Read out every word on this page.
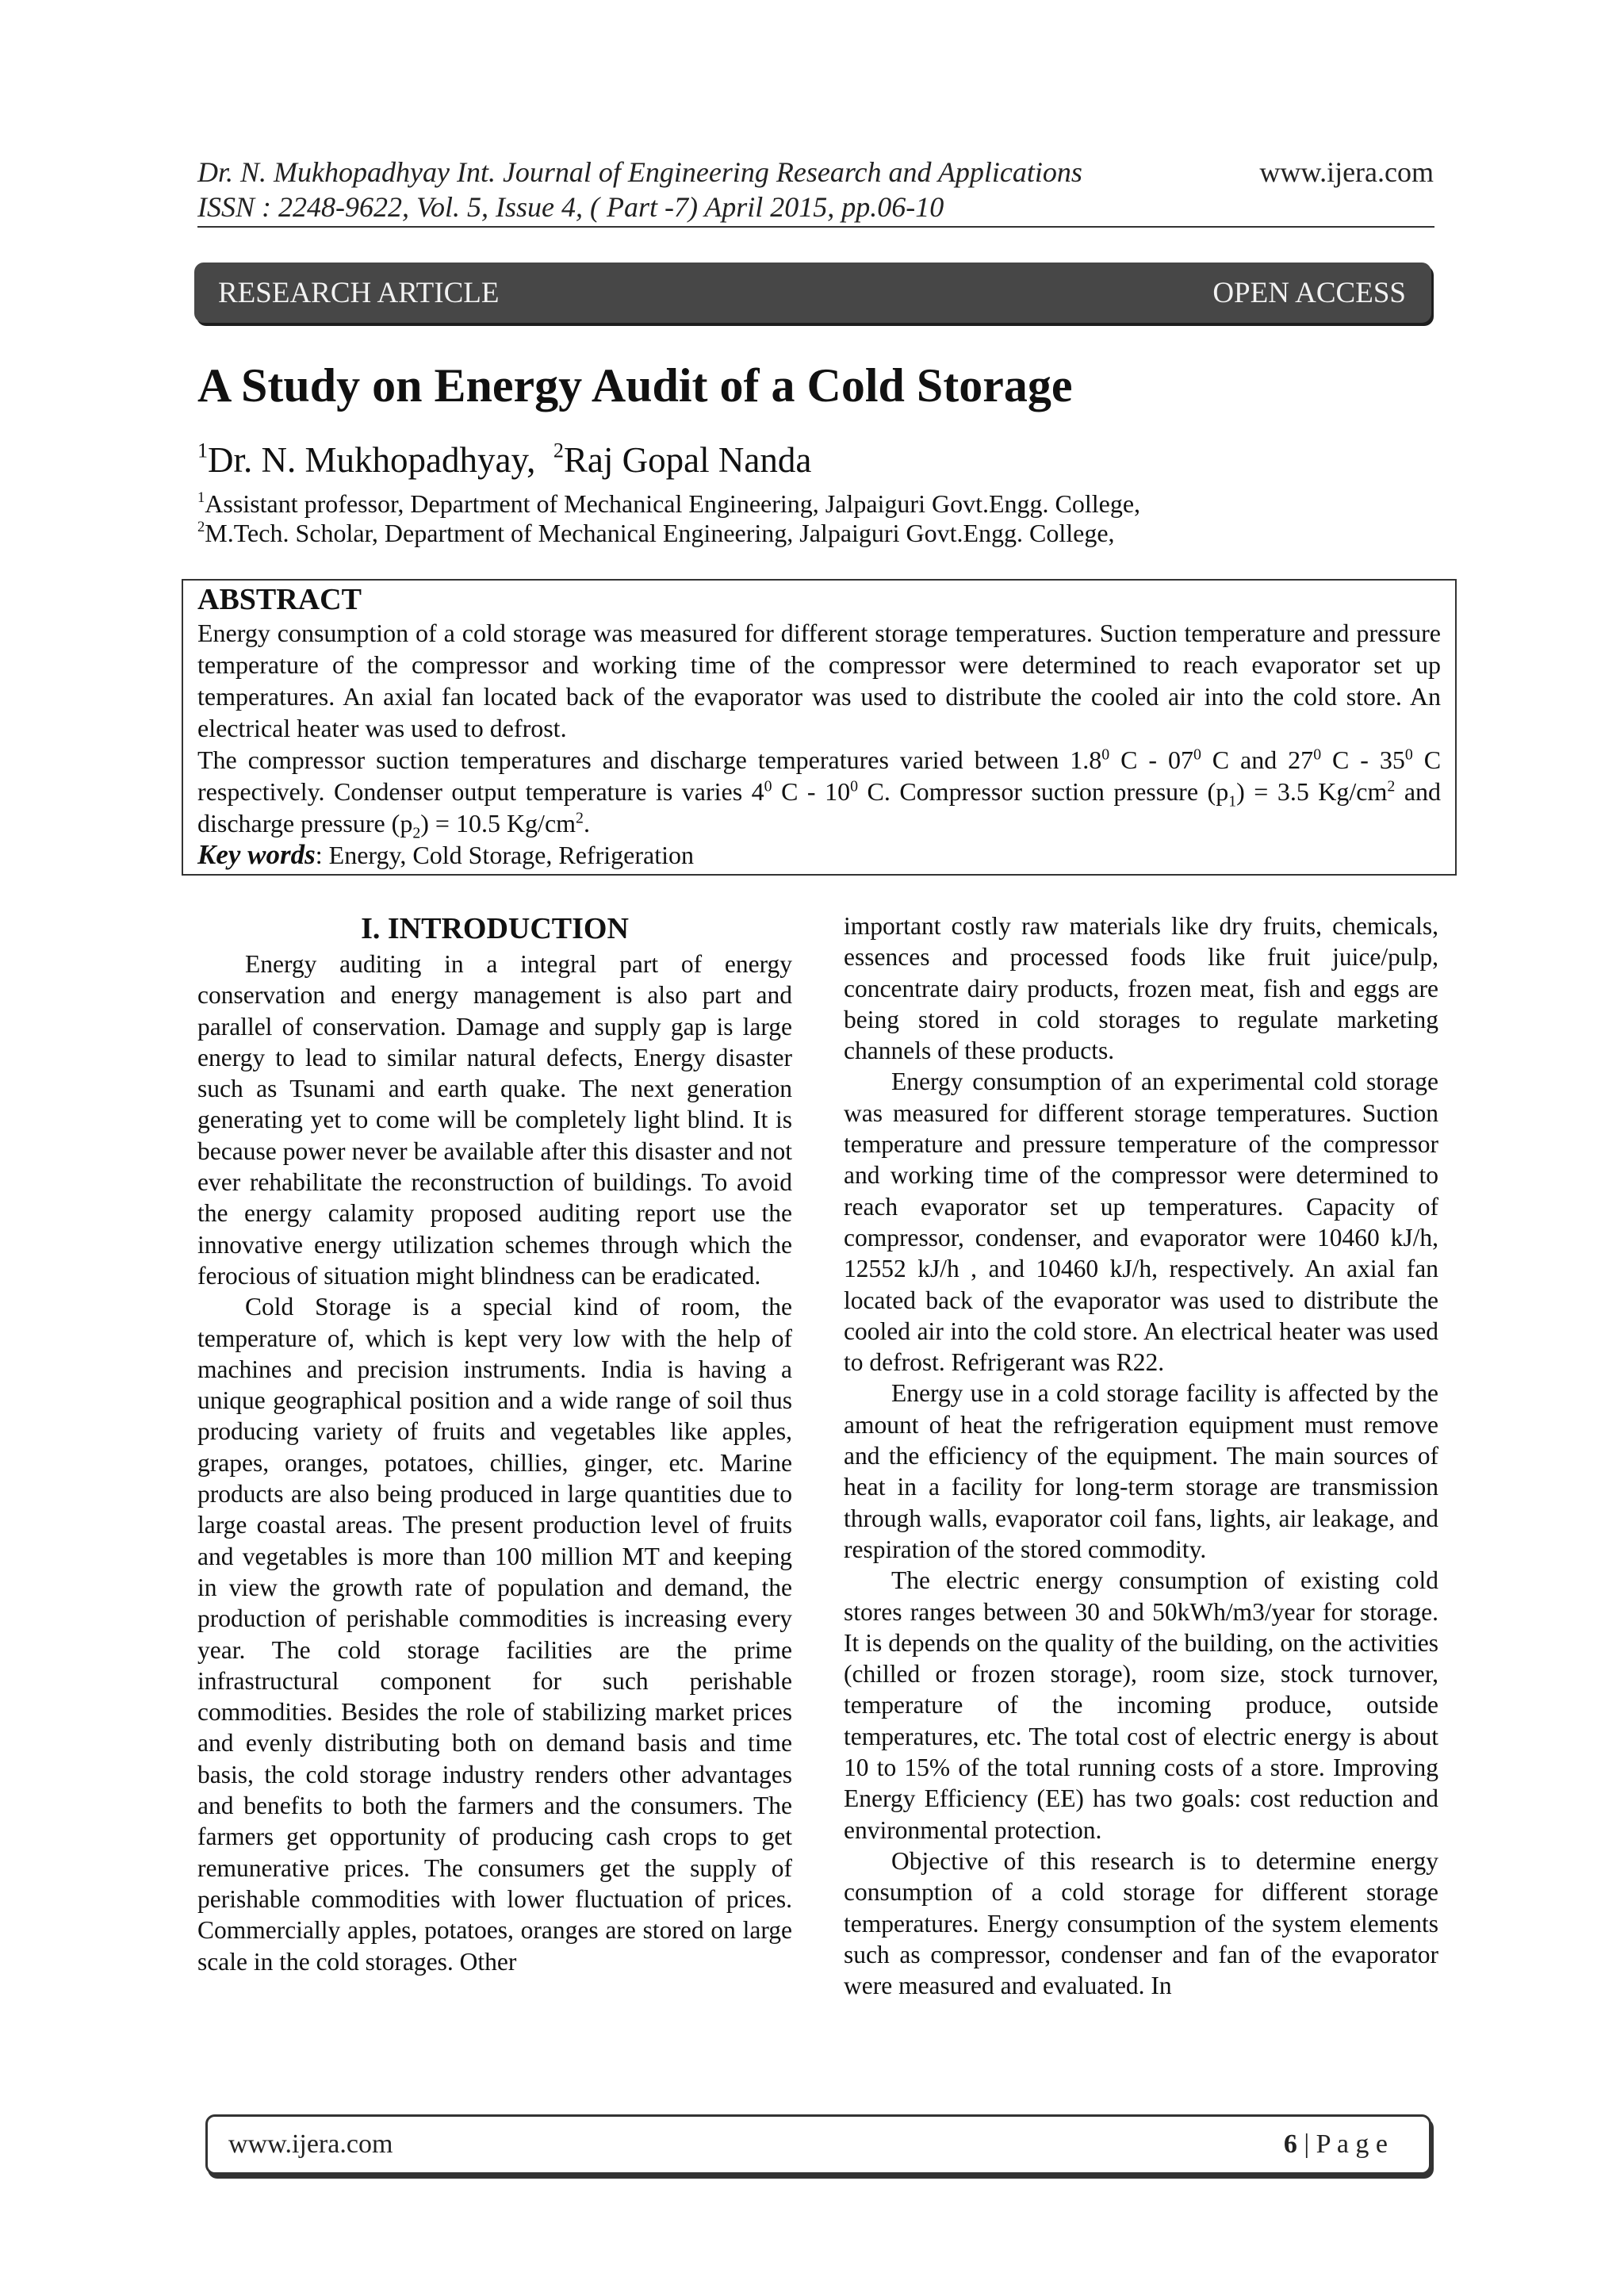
Dr. N. Mukhopadhyay Int. Journal of Engineering Research and Applications
ISSN : 2248-9622, Vol. 5, Issue 4, ( Part -7) April 2015, pp.06-10
www.ijera.com
RESEARCH ARTICLE	OPEN ACCESS
A Study on Energy Audit of a Cold Storage
$^1$Dr. N. Mukhopadhyay, $^2$Raj Gopal Nanda
$^1$Assistant professor, Department of Mechanical Engineering, Jalpaiguri Govt.Engg. College,
$^2$M.Tech. Scholar, Department of Mechanical Engineering, Jalpaiguri Govt.Engg. College,
ABSTRACT

Energy consumption of a cold storage was measured for different storage temperatures. Suction temperature and pressure temperature of the compressor and working time of the compressor were determined to reach evaporator set up temperatures. An axial fan located back of the evaporator was used to distribute the cooled air into the cold store. An electrical heater was used to defrost.

The compressor suction temperatures and discharge temperatures varied between $1.8^0$ C - $07^0$ C and $27^0$ C - $35^0$ C respectively. Condenser output temperature is varies $4^0$ C - $10^0$ C. Compressor suction pressure $(p_1) = 3.5$ $Kg/cm^2$ and discharge pressure $(p_2) = 10.5$ $Kg/cm^2$.

Key words: Energy, Cold Storage, Refrigeration

I. INTRODUCTION

Energy auditing in a integral part of energy conservation and energy management is also part and parallel of conservation. Damage and supply gap is large energy to lead to similar natural defects, Energy disaster such as Tsunami and earth quake. The next generation generating yet to come will be completely light blind. It is because power never be available after this disaster and not ever rehabilitate the reconstruction of buildings. To avoid the energy calamity proposed auditing report use the innovative energy utilization schemes through which the ferocious of situation might blindness can be eradicated.

Cold Storage is a special kind of room, the temperature of, which is kept very low with the help of machines and precision instruments. India is having a unique geographical position and a wide range of soil thus producing variety of fruits and vegetables like apples, grapes, oranges, potatoes, chillies, ginger, etc. Marine products are also being produced in large quantities due to large coastal areas. The present production level of fruits and vegetables is more than 100 million MT and keeping in view the growth rate of population and demand, the production of perishable commodities is increasing every year. The cold storage facilities are the prime infrastructural component for such perishable commodities. Besides the role of stabilizing market prices and evenly distributing both on demand basis and time basis, the cold storage industry renders other advantages and benefits to both the farmers and the consumers. The farmers get opportunity of producing cash crops to get remunerative prices. The consumers get the supply of perishable commodities with lower fluctuation of prices. Commercially apples, potatoes, oranges are stored on large scale in the cold storages. Other

important costly raw materials like dry fruits, chemicals, essences and processed foods like fruit juice/pulp, concentrate dairy products, frozen meat, fish and eggs are being stored in cold storages to regulate marketing channels of these products.

Energy consumption of an experimental cold storage was measured for different storage temperatures. Suction temperature and pressure temperature of the compressor and working time of the compressor were determined to reach evaporator set up temperatures. Capacity of compressor, condenser, and evaporator were 10460 kJ/h, 12552 kJ/h , and 10460 kJ/h, respectively. An axial fan located back of the evaporator was used to distribute the cooled air into the cold store. An electrical heater was used to defrost. Refrigerant was R22.

Energy use in a cold storage facility is affected by the amount of heat the refrigeration equipment must remove and the efficiency of the equipment. The main sources of heat in a facility for long-term storage are transmission through walls, evaporator coil fans, lights, air leakage, and respiration of the stored commodity.

The electric energy consumption of existing cold stores ranges between 30 and 50kWh/m3/year for storage. It is depends on the quality of the building, on the activities (chilled or frozen storage), room size, stock turnover, temperature of the incoming produce, outside temperatures, etc. The total cost of electric energy is about 10 to 15% of the total running costs of a store. Improving Energy Efficiency (EE) has two goals: cost reduction and environmental protection.

Objective of this research is to determine energy consumption of a cold storage for different storage temperatures. Energy consumption of the system elements such as compressor, condenser and fan of the evaporator were measured and evaluated. In

www.ijera.com	6 | P a g e
